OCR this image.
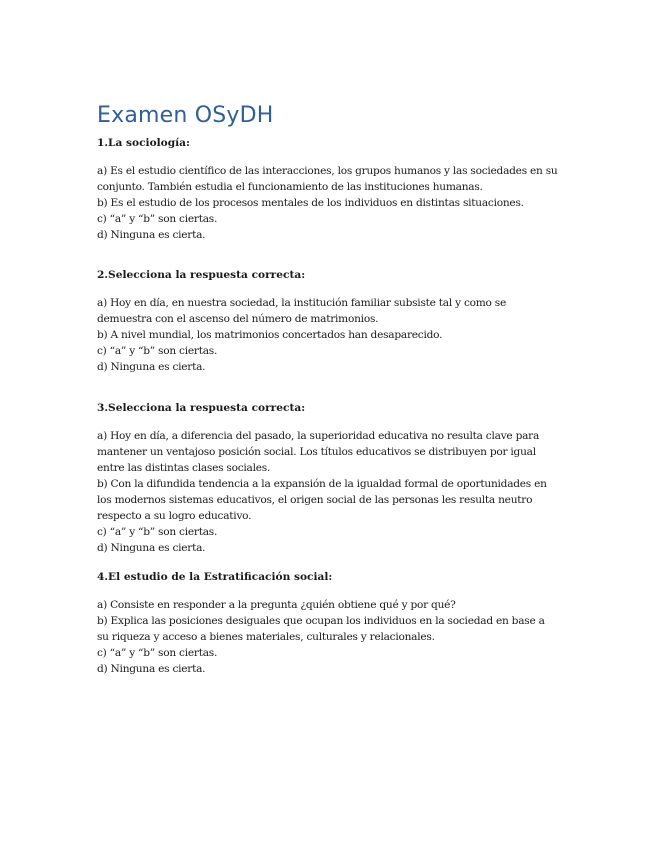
Examen OSyDH
1.La sociología:

a) Es el estudio científico de las interacciones, los grupos humanos y las sociedades en su conjunto. También estudia el funcionamiento de las instituciones humanas.

b) Es el estudio de los procesos mentales de los individuos en distintas situaciones.

c) “a” y “b” son ciertas.

d) Ninguna es cierta.

2.Selecciona la respuesta correcta:

a) Hoy en día, en nuestra sociedad, la institución familiar subsiste tal y como se demuestra con el ascenso del número de matrimonios.

b) A nivel mundial, los matrimonios concertados han desaparecido.

c) “a” y “b” son ciertas.

d) Ninguna es cierta.

3.Selecciona la respuesta correcta:

a) Hoy en día, a diferencia del pasado, la superioridad educativa no resulta clave para mantener un ventajoso posición social. Los títulos educativos se distribuyen por igual entre las distintas clases sociales.

b) Con la difundida tendencia a la expansión de la igualdad formal de oportunidades en los modernos sistemas educativos, el origen social de las personas les resulta neutro respecto a su logro educativo.

c) “a” y “b” son ciertas.

d) Ninguna es cierta.

4.El estudio de la Estratificación social:

a) Consiste en responder a la pregunta ¿quién obtiene qué y por qué?

b) Explica las posiciones desiguales que ocupan los individuos en la sociedad en base a su riqueza y acceso a bienes materiales, culturales y relacionales.

c) “a” y “b” son ciertas.

d) Ninguna es cierta.
